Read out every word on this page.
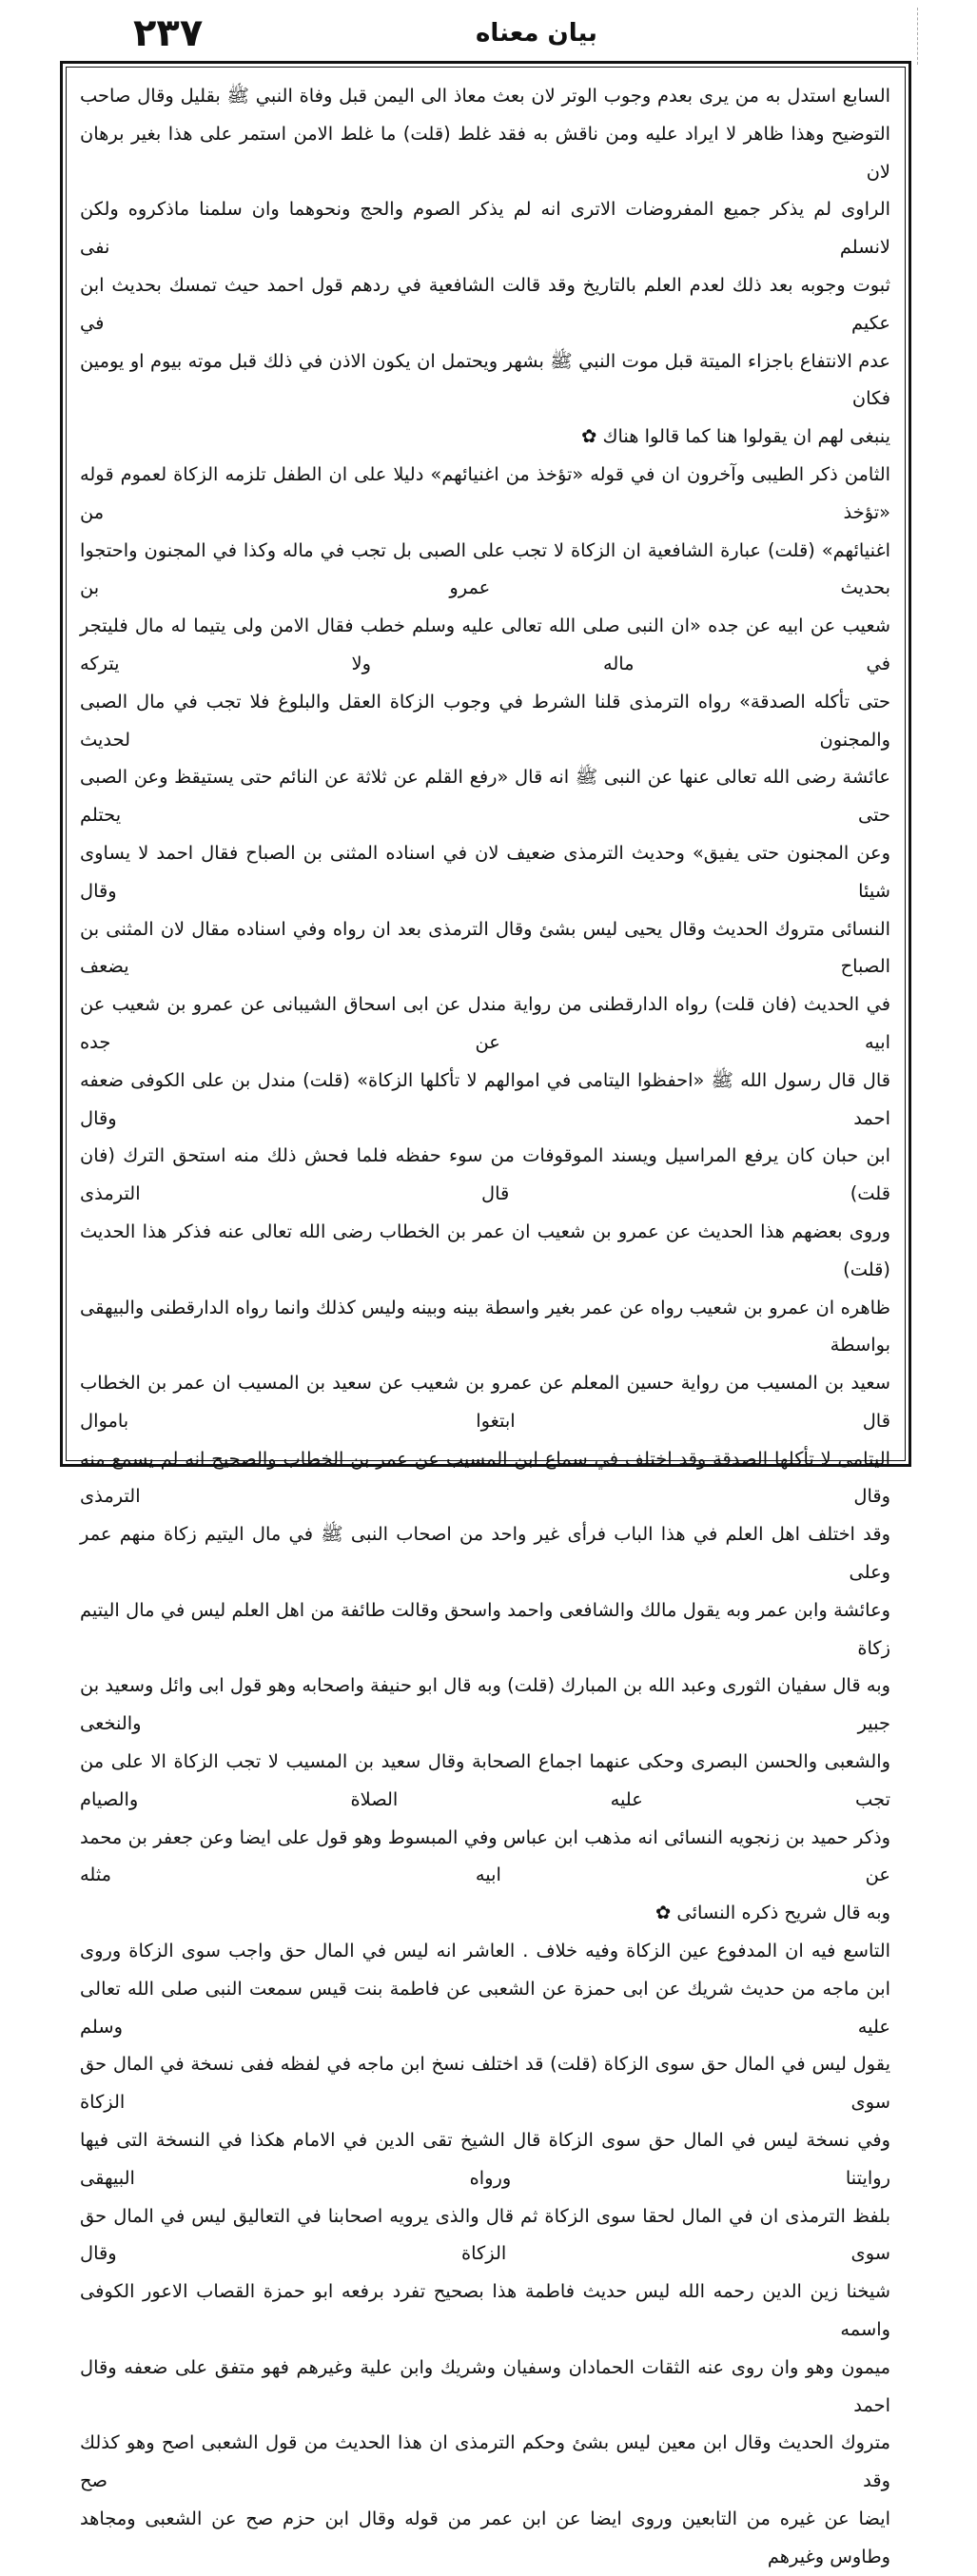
٢٣٧	بيان معناه

السابع استدل به من يرى بعدم وجوب الوتر لان بعث معاذ الى اليمن قبل وفاة النبي ﷺ بقليل وقال صاحب

التوضيح وهذا ظاهر لا ايراد عليه ومن ناقش به فقد غلط (قلت) ما غلط الامن استمر على هذا بغير برهان لان

الراوى لم يذكر جميع المفروضات الاترى انه لم يذكر الصوم والحج ونحوهما وان سلمنا ماذكروه ولكن لانسلم نفى

ثبوت وجوبه بعد ذلك لعدم العلم بالتاريخ وقد قالت الشافعية في ردهم قول احمد حيث تمسك بحديث ابن عكيم في

عدم الانتفاع باجزاء الميتة قبل موت النبي ﷺ بشهر ويحتمل ان يكون الاذن في ذلك قبل موته بيوم او يومين فكان

ينبغى لهم ان يقولوا هنا كما قالوا هناك ✿

الثامن ذكر الطيبى وآخرون ان في قوله «تؤخذ من اغنيائهم» دليلا على ان الطفل تلزمه الزكاة لعموم قوله «تؤخذ من

اغنيائهم» (قلت) عبارة الشافعية ان الزكاة لا تجب على الصبى بل تجب في ماله وكذا في المجنون واحتجوا بحديث عمرو بن

شعيب عن ابيه عن جده «ان النبى صلى الله تعالى عليه وسلم خطب فقال الامن ولى يتيما له مال فليتجر في ماله ولا يتركه

حتى تأكله الصدقة» رواه الترمذى قلنا الشرط في وجوب الزكاة العقل والبلوغ فلا تجب في مال الصبى والمجنون لحديث

عائشة رضى الله تعالى عنها عن النبى ﷺ انه قال «رفع القلم عن ثلاثة عن النائم حتى يستيقظ وعن الصبى حتى يحتلم

وعن المجنون حتى يفيق» وحديث الترمذى ضعيف لان في اسناده المثنى بن الصباح فقال احمد لا يساوى شيئا وقال

النسائى متروك الحديث وقال يحيى ليس بشئ وقال الترمذى بعد ان رواه وفي اسناده مقال لان المثنى بن الصباح يضعف

في الحديث (فان قلت) رواه الدارقطنى من رواية مندل عن ابى اسحاق الشيبانى عن عمرو بن شعيب عن ابيه عن جده

قال قال رسول الله ﷺ «احفظوا اليتامى في اموالهم لا تأكلها الزكاة» (قلت) مندل بن على الكوفى ضعفه احمد وقال

ابن حبان كان يرفع المراسيل ويسند الموقوفات من سوء حفظه فلما فحش ذلك منه استحق الترك (فان قلت) قال الترمذى

وروى بعضهم هذا الحديث عن عمرو بن شعيب ان عمر بن الخطاب رضى الله تعالى عنه فذكر هذا الحديث (قلت)

ظاهره ان عمرو بن شعيب رواه عن عمر بغير واسطة بينه وبينه وليس كذلك وانما رواه الدارقطنى والبيهقى بواسطة

سعيد بن المسيب من رواية حسين المعلم عن عمرو بن شعيب عن سعيد بن المسيب ان عمر بن الخطاب قال ابتغوا باموال

اليتامى لا تأكلها الصدقة وقد اختلف في سماع ابن المسيب عن عمر بن الخطاب والصحيح انه لم يسمع منه وقال الترمذى

وقد اختلف اهل العلم في هذا الباب فرأى غير واحد من اصحاب النبى ﷺ في مال اليتيم زكاة منهم عمر وعلى

وعائشة وابن عمر وبه يقول مالك والشافعى واحمد واسحق وقالت طائفة من اهل العلم ليس في مال اليتيم زكاة

وبه قال سفيان الثورى وعبد الله بن المبارك (قلت) وبه قال ابو حنيفة واصحابه وهو قول ابى وائل وسعيد بن جبير والنخعى

والشعبى والحسن البصرى وحكى عنهما اجماع الصحابة وقال سعيد بن المسيب لا تجب الزكاة الا على من تجب عليه الصلاة والصيام

وذكر حميد بن زنجويه النسائى انه مذهب ابن عباس وفي المبسوط وهو قول على ايضا وعن جعفر بن محمد عن ابيه مثله

وبه قال شريح ذكره النسائى ✿

التاسع فيه ان المدفوع عين الزكاة وفيه خلاف . العاشر انه ليس في المال حق واجب سوى الزكاة وروى

ابن ماجه من حديث شريك عن ابى حمزة عن الشعبى عن فاطمة بنت قيس سمعت النبى صلى الله تعالى عليه وسلم

يقول ليس في المال حق سوى الزكاة (قلت) قد اختلف نسخ ابن ماجه في لفظه ففى نسخة في المال حق سوى الزكاة

وفي نسخة ليس في المال حق سوى الزكاة قال الشيخ تقى الدين في الامام هكذا في النسخة التى فيها روايتنا ورواه البيهقى

بلفظ الترمذى ان في المال لحقا سوى الزكاة ثم قال والذى يرويه اصحابنا في التعاليق ليس في المال حق سوى الزكاة وقال

شيخنا زين الدين رحمه الله ليس حديث فاطمة هذا بصحيح تفرد برفعه ابو حمزة القصاب الاعور الكوفى واسمه

ميمون وهو وان روى عنه الثقات الحمادان وسفيان وشريك وابن علية وغيرهم فهو متفق على ضعفه وقال احمد

متروك الحديث وقال ابن معين ليس بشئ وحكم الترمذى ان هذا الحديث من قول الشعبى اصح وهو كذلك وقد صح

ايضا عن غيره من التابعين وروى ايضا عن ابن عمر من قوله وقال ابن حزم صح عن الشعبى ومجاهد وطاوس وغيرهم
